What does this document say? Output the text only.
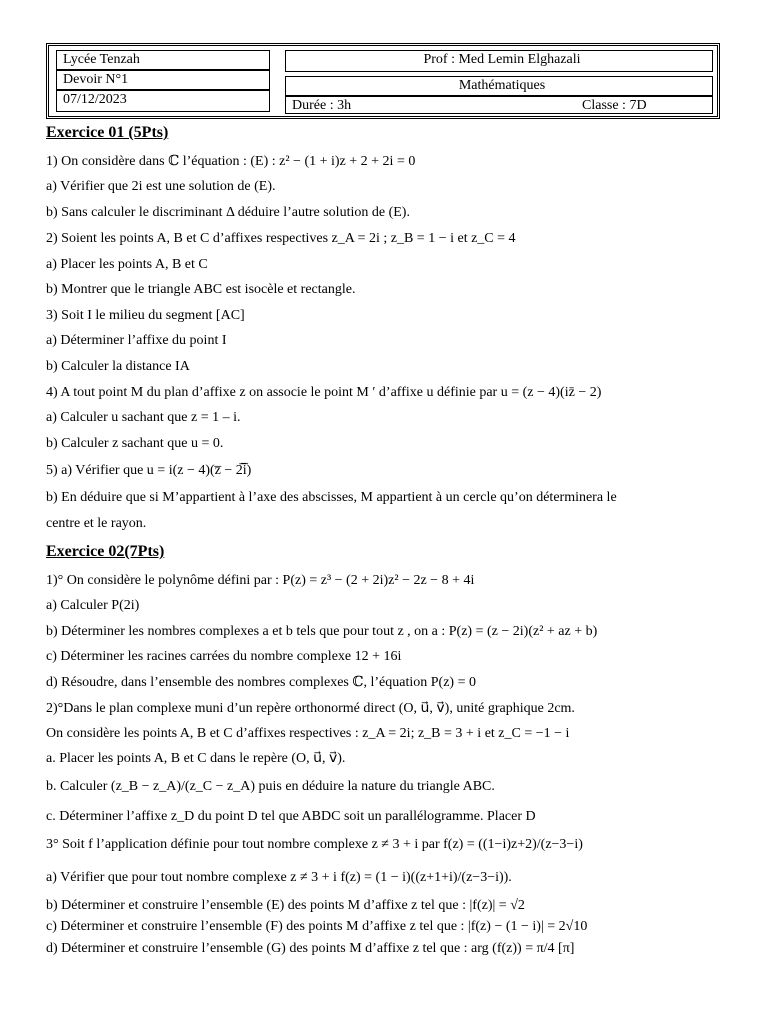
Lycée Tenzah
Devoir N°1
07/12/2023
Prof : Med Lemin Elghazali
Mathématiques
Durée : 3h	Classe : 7D
Exercice 01 (5Pts)
1) On considère dans ℂ l’équation : (E) : z² − (1 + i)z + 2 + 2i = 0
a) Vérifier que 2i est une solution de (E).
b) Sans calculer le discriminant Δ déduire l’autre solution de (E).
2) Soient les points A, B et C d’affixes respectives z_A = 2i ; z_B = 1 − i et z_C = 4
a) Placer les points A, B et C
b) Montrer que le triangle ABC est isocèle et rectangle.
3) Soit I le milieu du segment [AC]
a) Déterminer l’affixe du point I
b) Calculer la distance IA
4) A tout point M du plan d’affixe z on associe le point M ′ d’affixe u définie par u = (z − 4)(iz̄ − 2)
a) Calculer u sachant que z = 1 – i.
b) Calculer z sachant que u = 0.
5) a) Vérifier que u = i(z − 4)(z̅ − 2̅i̅)
b) En déduire que si M’appartient à l’axe des abscisses, M appartient à un cercle qu’on déterminera le
centre et le rayon.
Exercice 02(7Pts)
1)° On considère le polynôme défini par : P(z) = z³ − (2 + 2i)z² − 2z − 8 + 4i
a) Calculer P(2i)
b) Déterminer les nombres complexes a et b tels que pour tout z , on a : P(z) = (z − 2i)(z² + az + b)
c) Déterminer les racines carrées du nombre complexe 12 + 16i
d) Résoudre, dans l’ensemble des nombres complexes ℂ, l’équation P(z) = 0
2)°Dans le plan complexe muni d’un repère orthonormé direct (O, u⃗, v⃗), unité graphique 2cm.
On considère les points A, B et C d’affixes respectives : z_A = 2i; z_B = 3 + i et z_C = −1 − i
a. Placer les points A, B et C dans le repère (O, u⃗, v⃗).
b. Calculer (z_B − z_A)/(z_C − z_A) puis en déduire la nature du triangle ABC.
c. Déterminer l’affixe z_D du point D tel que ABDC soit un parallélogramme. Placer D
3° Soit f l’application définie pour tout nombre complexe z ≠ 3 + i par f(z) = ((1−i)z+2)/(z−3−i)
a) Vérifier que pour tout nombre complexe z ≠ 3 + i f(z) = (1 − i)((z+1+i)/(z−3−i)).
b) Déterminer et construire l’ensemble (E) des points M d’affixe z tel que : |f(z)| = √2
c) Déterminer et construire l’ensemble (F) des points M d’affixe z tel que : |f(z) − (1 − i)| = 2√10
d) Déterminer et construire l’ensemble (G) des points M d’affixe z tel que : arg (f(z)) = π/4 [π]
